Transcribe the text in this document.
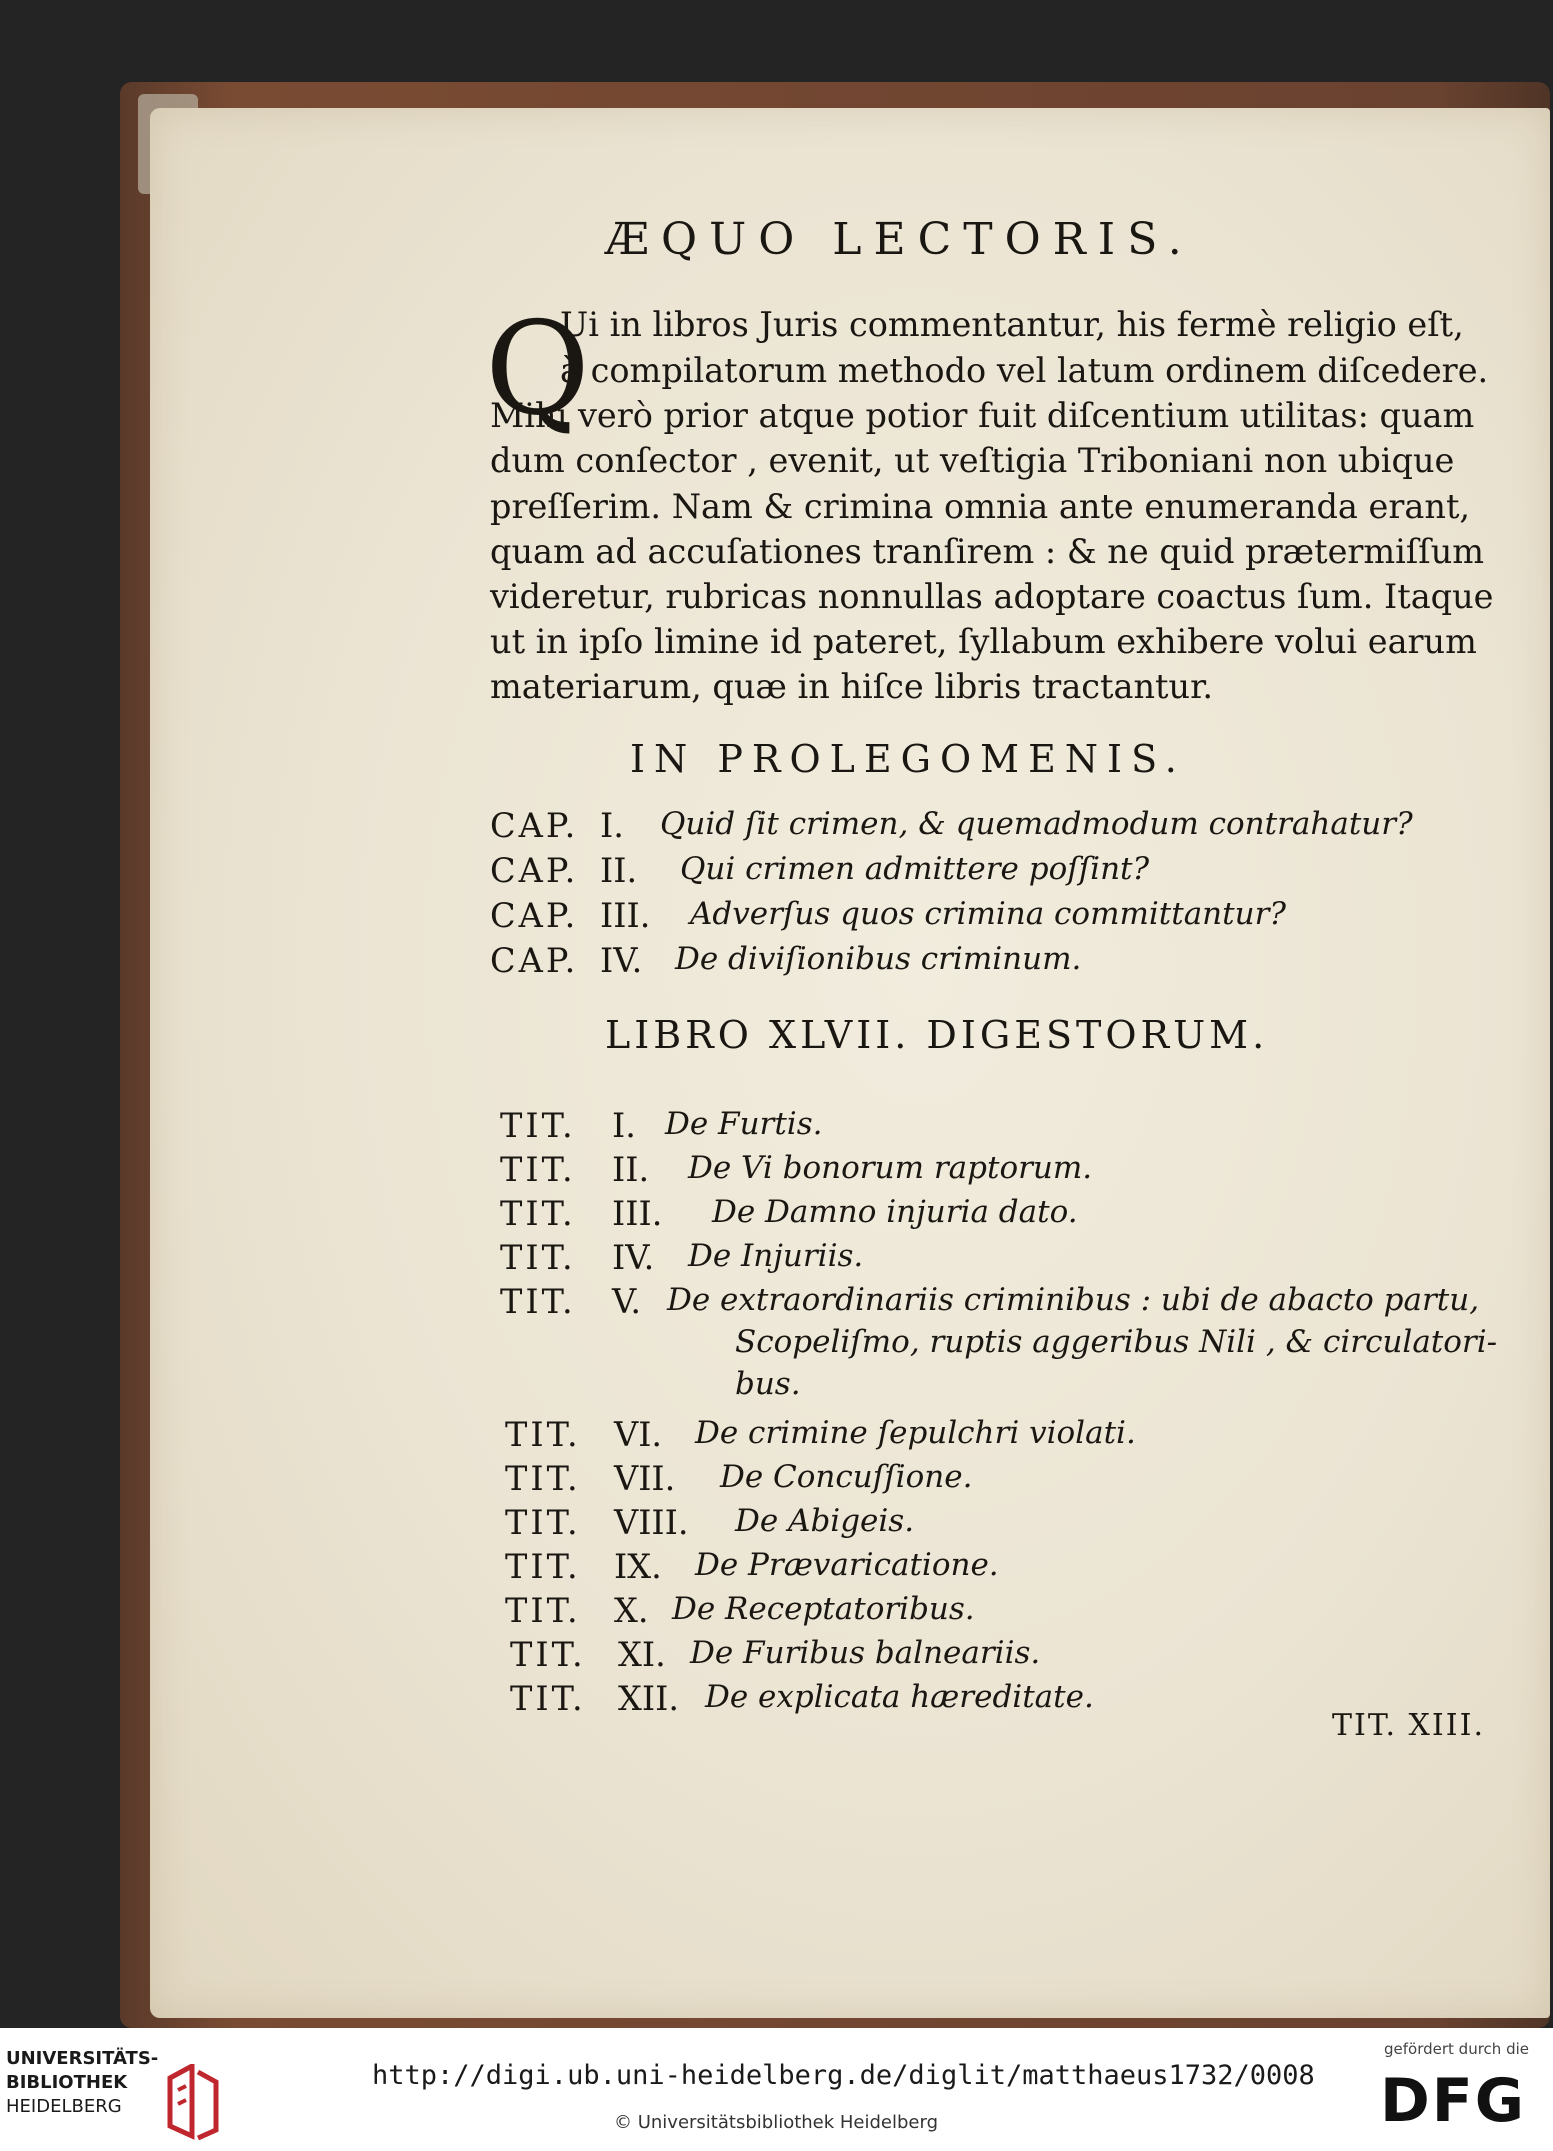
ÆQUO LECTORIS.
Q
Ui in libros Juris commentantur, his fermè religio eſt,
à compilatorum methodo vel latum ordinem diſcedere.
Mihi verò prior atque potior fuit diſcentium utilitas: quam
dum conſector , evenit, ut veſtigia Triboniani non ubique
preſſerim. Nam & crimina omnia ante enumeranda erant,
quam ad accuſationes tranſirem : & ne quid prætermiſſum
videretur, rubricas nonnullas adoptare coactus ſum. Itaque
ut in ipſo limine id pateret, ſyllabum exhibere volui earum
materiarum, quæ in hiſce libris tractantur.
IN PROLEGOMENIS.
CAP. I. Quid ſit crimen, & quemadmodum contrahatur?
CAP. II. Qui crimen admittere poſſint?
CAP. III. Adverſus quos crimina committantur?
CAP. IV. De diviſionibus criminum.
LIBRO XLVII. DIGESTORUM.
TIT. I. De Furtis.
TIT. II. De Vi bonorum raptorum.
TIT. III. De Damno injuria dato.
TIT. IV. De Injuriis.
TIT. V. De extraordinariis criminibus : ubi de abacto partu,
Scopeliſmo, ruptis aggeribus Nili , & circulatori-
bus.
TIT. VI. De crimine ſepulchri violati.
TIT. VII. De Concuſſione.
TIT. VIII. De Abigeis.
TIT. IX. De Prævaricatione.
TIT. X. De Receptatoribus.
TIT. XI. De Furibus balneariis.
TIT. XII. De explicata hæreditate.
TIT. XIII.
UNIVERSITÄTS-
BIBLIOTHEK
HEIDELBERG
http://digi.ub.uni-heidelberg.de/diglit/matthaeus1732/0008
© Universitätsbibliothek Heidelberg
gefördert durch die
DFG
